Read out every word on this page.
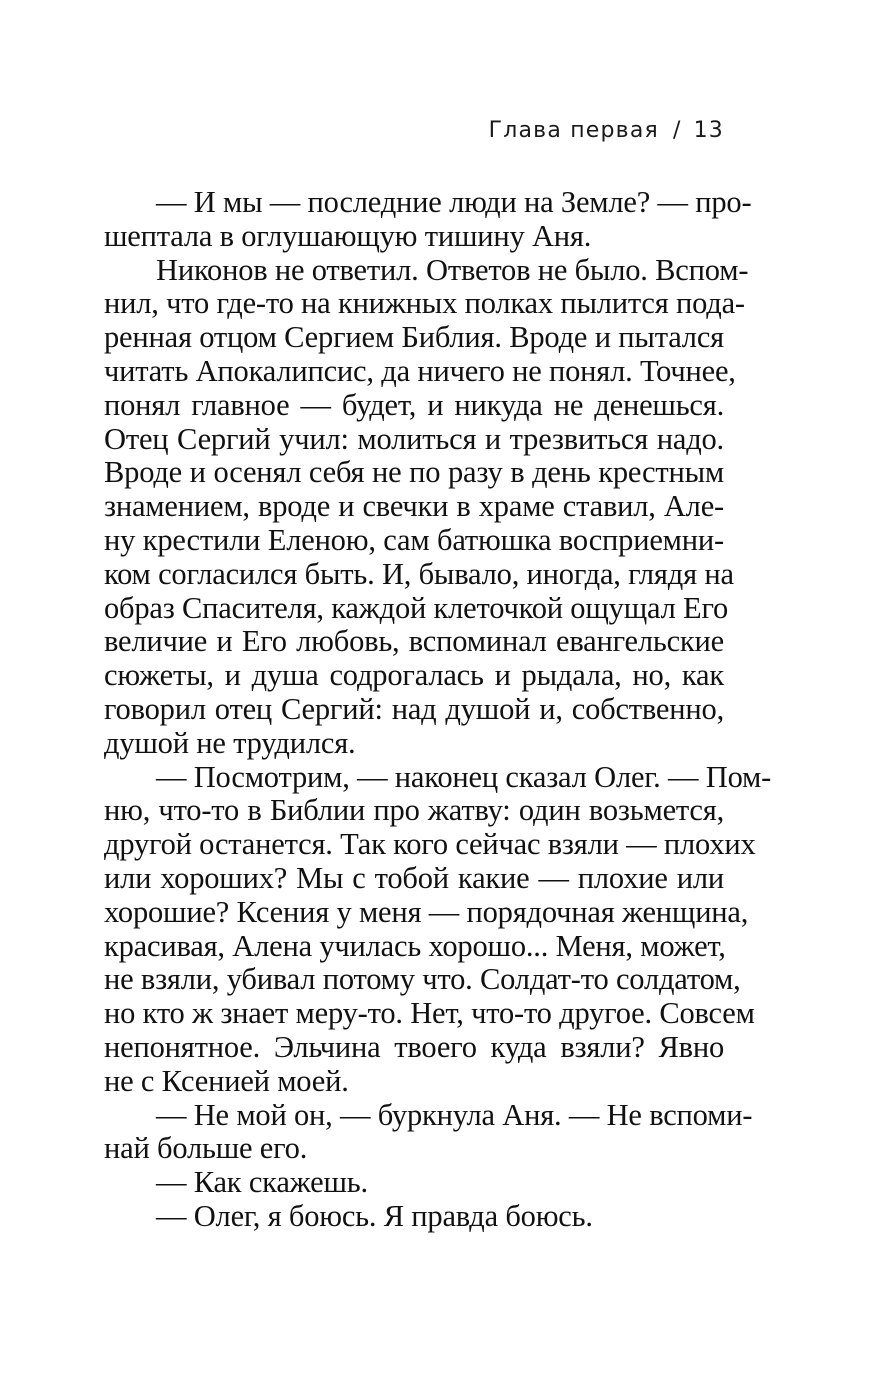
Глава первая / 13
— И мы — последние люди на Земле? — про-
шептала в оглушающую тишину Аня.
Никонов не ответил. Ответов не было. Вспом-
нил, что где-то на книжных полках пылится пода-
ренная отцом Сергием Библия. Вроде и пытался
читать Апокалипсис, да ничего не понял. Точнее,
понял главное — будет, и никуда не денешься.
Отец Сергий учил: молиться и трезвиться надо.
Вроде и осенял себя не по разу в день крестным
знамением, вроде и свечки в храме ставил, Але-
ну крестили Еленою, сам батюшка восприемни-
ком согласился быть. И, бывало, иногда, глядя на
образ Спасителя, каждой клеточкой ощущал Его
величие и Его любовь, вспоминал евангельские
сюжеты, и душа содрогалась и рыдала, но, как
говорил отец Сергий: над душой и, собственно,
душой не трудился.
— Посмотрим, — наконец сказал Олег. — Пом-
ню, что-то в Библии про жатву: один возьмется,
другой останется. Так кого сейчас взяли — плохих
или хороших? Мы с тобой какие — плохие или
хорошие? Ксения у меня — порядочная женщина,
красивая, Алена училась хорошо... Меня, может,
не взяли, убивал потому что. Солдат-то солдатом,
но кто ж знает меру-то. Нет, что-то другое. Совсем
непонятное. Эльчина твоего куда взяли? Явно
не с Ксенией моей.
— Не мой он, — буркнула Аня. — Не вспоми-
най больше его.
— Как скажешь.
— Олег, я боюсь. Я правда боюсь.
